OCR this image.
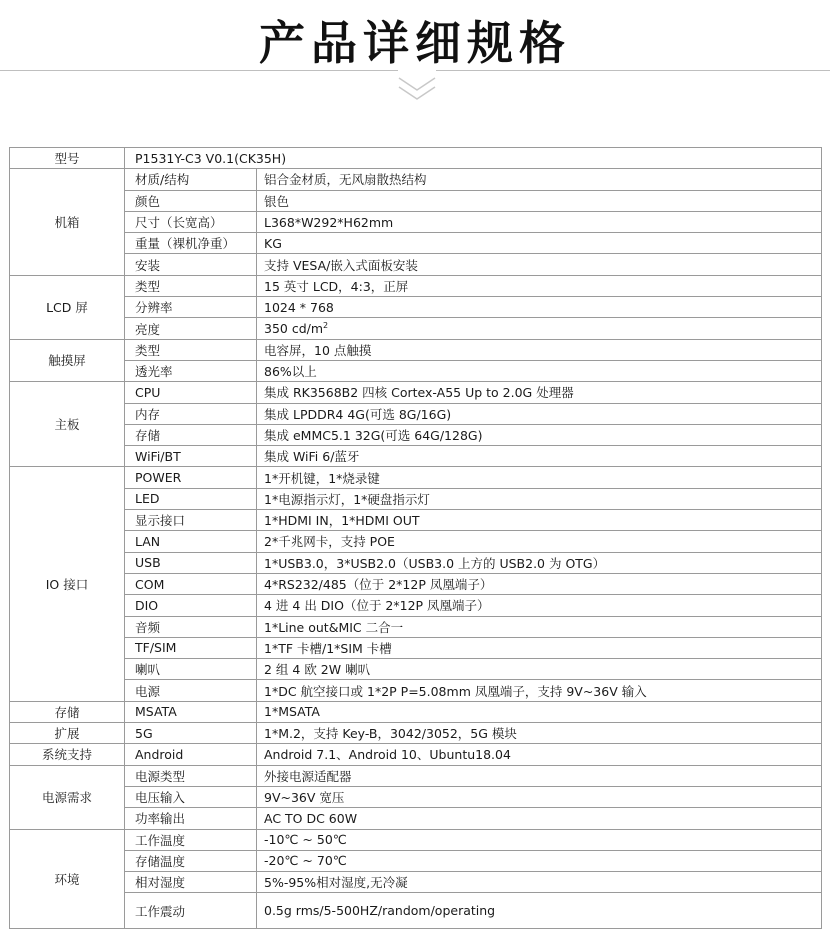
产品详细规格
型号	P1531Y-C3 V0.1(CK35H)	
机箱	材质/结构	铝合金材质，无风扇散热结构
	颜色	银色
	尺寸（长宽高）	L368*W292*H62mm
	重量（裸机净重）	KG
	安装	支持 VESA/嵌入式面板安装
LCD 屏	类型	15 英寸 LCD，4:3，正屏
	分辨率	1024 * 768
	亮度	350 $cd/m^2$
触摸屏	类型	电容屏，10 点触摸
	透光率	86%以上
主板	CPU	集成 RK3568B2 四核 Cortex-A55 Up to 2.0G 处理器
	内存	集成 LPDDR4 4G(可选 8G/16G)
	存储	集成 eMMC5.1 32G(可选 64G/128G)
	WiFi/BT	集成 WiFi 6/蓝牙
IO 接口	POWER	1*开机键，1*烧录键
	LED	1*电源指示灯，1*硬盘指示灯
	显示接口	1*HDMI IN，1*HDMI OUT
	LAN	2*千兆网卡，支持 POE
	USB	1*USB3.0，3*USB2.0（USB3.0 上方的 USB2.0 为 OTG）
	COM	4*RS232/485（位于 2*12P 凤凰端子）
	DIO	4 进 4 出 DIO（位于 2*12P 凤凰端子）
	音频	1*Line out&MIC 二合一
	TF/SIM	1*TF 卡槽/1*SIM 卡槽
	喇叭	2 组 4 欧 2W 喇叭
	电源	1*DC 航空接口或 1*2P P=5.08mm 凤凰端子，支持 9V~36V 输入
存储	MSATA	1*MSATA
扩展	5G	1*M.2，支持 Key-B，3042/3052，5G 模块
系统支持	Android	Android 7.1、Android 10、Ubuntu18.04
电源需求	电源类型	外接电源适配器
	电压输入	9V~36V 宽压
	功率输出	AC TO DC 60W
环境	工作温度	-10℃ ~ 50℃
	存储温度	-20℃ ~ 70℃
	相对湿度	5%-95%相对湿度,无冷凝
	工作震动	0.5g rms/5-500HZ/random/operating
